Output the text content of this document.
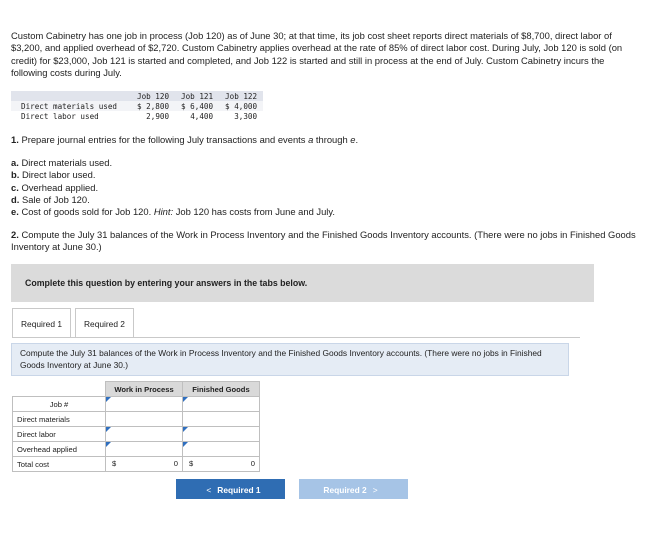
Custom Cabinetry has one job in process (Job 120) as of June 30; at that time, its job cost sheet reports direct materials of $8,700, direct labor of $3,200, and applied overhead of $2,720. Custom Cabinetry applies overhead at the rate of 85% of direct labor cost. During July, Job 120 is sold (on credit) for $23,000, Job 121 is started and completed, and Job 122 is started and still in process at the end of July. Custom Cabinetry incurs the following costs during July.

	Job 120	Job 121	Job 122
Direct materials used	$ 2,800	$ 6,400	$ 4,000
Direct labor used	2,900	4,400	3,300

1. Prepare journal entries for the following July transactions and events a through e.

a. Direct materials used.
b. Direct labor used.
c. Overhead applied.
d. Sale of Job 120.
e. Cost of goods sold for Job 120. Hint: Job 120 has costs from June and July.

2. Compute the July 31 balances of the Work in Process Inventory and the Finished Goods Inventory accounts. (There were no jobs in Finished Goods Inventory at June 30.)

Complete this question by entering your answers in the tabs below.
Required 1	Required 2
Compute the July 31 balances of the Work in Process Inventory and the Finished Goods Inventory accounts. (There were no jobs in Finished Goods Inventory at June 30.)
	Work in Process	Finished Goods
Job #	

Direct materials		
Direct labor	

Overhead applied	

Total cost	$ 0	$ 0
< Required 1	Required 2 >
